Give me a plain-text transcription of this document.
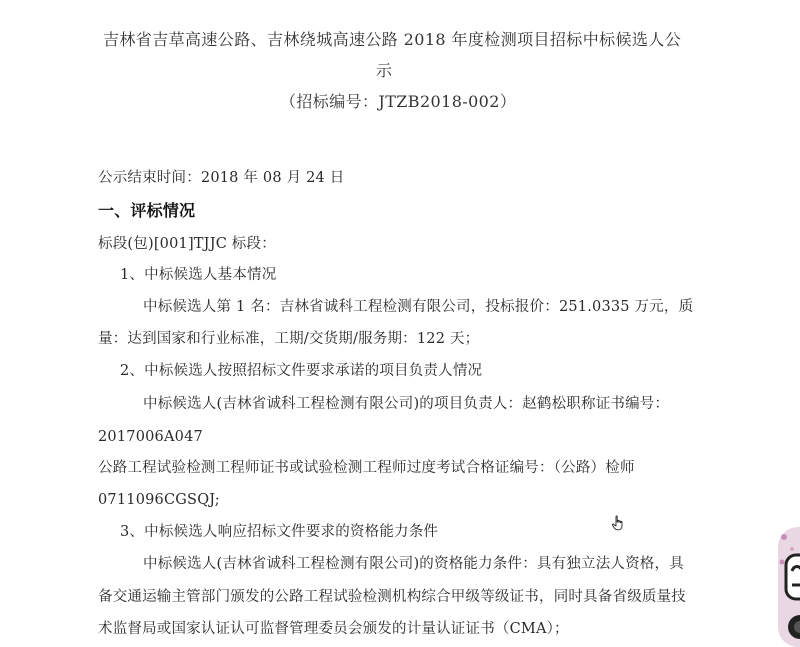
吉林省吉草高速公路、吉林绕城高速公路 2018 年度检测项目招标中标候选人公
示
（招标编号：JTZB2018-002）
公示结束时间：2018 年 08 月 24 日
一、评标情况
标段(包)[001]TJJC 标段：
1、中标候选人基本情况
中标候选人第 1 名：吉林省诚科工程检测有限公司，投标报价：251.0335 万元，质
量：达到国家和行业标准，工期/交货期/服务期：122 天；
2、中标候选人按照招标文件要求承诺的项目负责人情况
中标候选人(吉林省诚科工程检测有限公司)的项目负责人：赵鹤松职称证书编号：
2017006A047
公路工程试验检测工程师证书或试验检测工程师过度考试合格证编号：（公路）检师
0711096CGSQJ;
3、中标候选人响应招标文件要求的资格能力条件
中标候选人(吉林省诚科工程检测有限公司)的资格能力条件：具有独立法人资格，具
备交通运输主管部门颁发的公路工程试验检测机构综合甲级等级证书，同时具备省级质量技
术监督局或国家认证认可监督管理委员会颁发的计量认证证书（CMA）；
